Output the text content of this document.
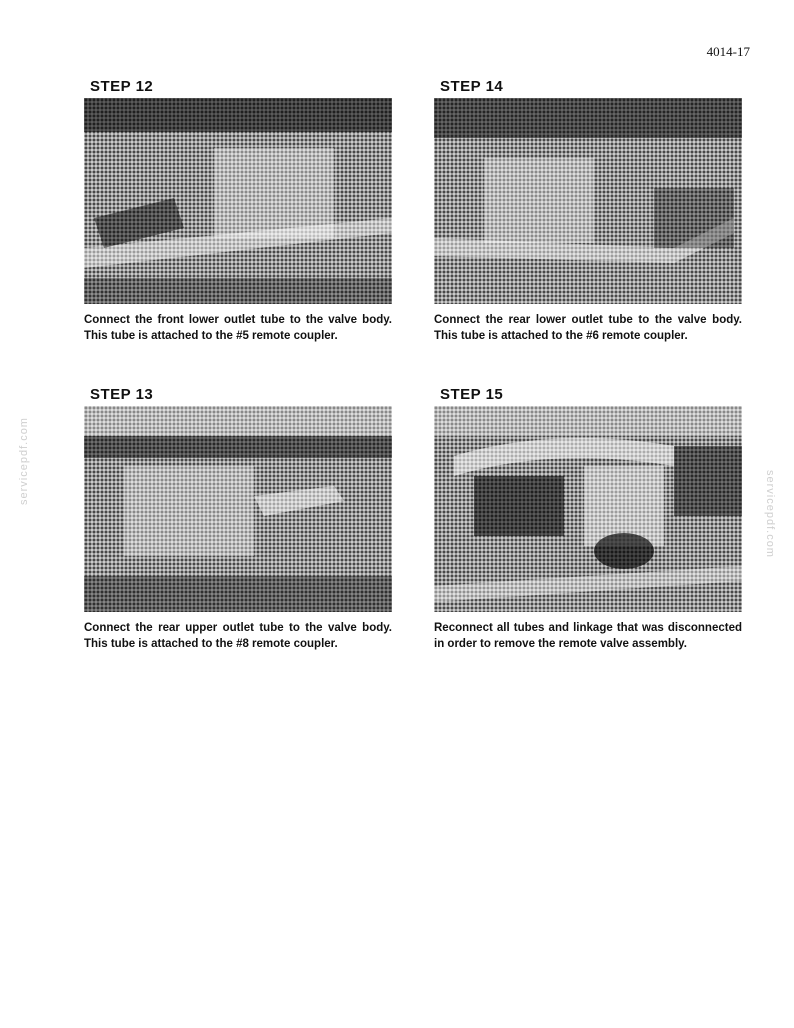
4014-17
servicepdf.com
servicepdf.com
STEP 12
Connect the front lower outlet tube to the valve body. This tube is attached to the #5 remote coupler.
STEP 14
Connect the rear lower outlet tube to the valve body. This tube is attached to the #6 remote coupler.
STEP 13
Connect the rear upper outlet tube to the valve body. This tube is attached to the #8 remote coupler.
STEP 15
Reconnect all tubes and linkage that was disconnected in order to remove the remote valve assembly.
